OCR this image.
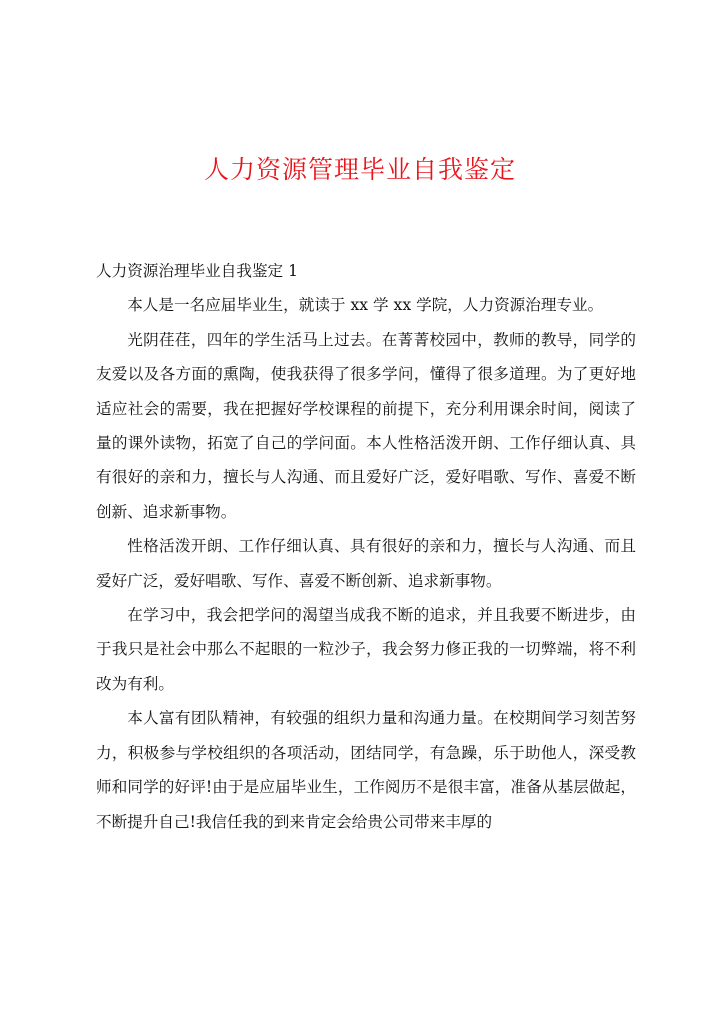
人力资源管理毕业自我鉴定

人力资源治理毕业自我鉴定 1

本人是一名应届毕业生，就读于 xx 学 xx 学院，人力资源治理专业。

光阴荏荏，四年的学生活马上过去。在菁菁校园中，教师的教导，同学的友爱以及各方面的熏陶，使我获得了很多学问，懂得了很多道理。为了更好地适应社会的需要，我在把握好学校课程的前提下，充分利用课余时间，阅读了量的课外读物，拓宽了自己的学问面。本人性格活泼开朗、工作仔细认真、具有很好的亲和力，擅长与人沟通、而且爱好广泛，爱好唱歌、写作、喜爱不断创新、追求新事物。

性格活泼开朗、工作仔细认真、具有很好的亲和力，擅长与人沟通、而且爱好广泛，爱好唱歌、写作、喜爱不断创新、追求新事物。

在学习中，我会把学问的渴望当成我不断的追求，并且我要不断进步，由于我只是社会中那么不起眼的一粒沙子，我会努力修正我的一切弊端，将不利改为有利。

本人富有团队精神，有较强的组织力量和沟通力量。在校期间学习刻苦努力，积极参与学校组织的各项活动，团结同学，有急躁，乐于助他人，深受教师和同学的好评!由于是应届毕业生，工作阅历不是很丰富，准备从基层做起，不断提升自己!我信任我的到来肯定会给贵公司带来丰厚的
